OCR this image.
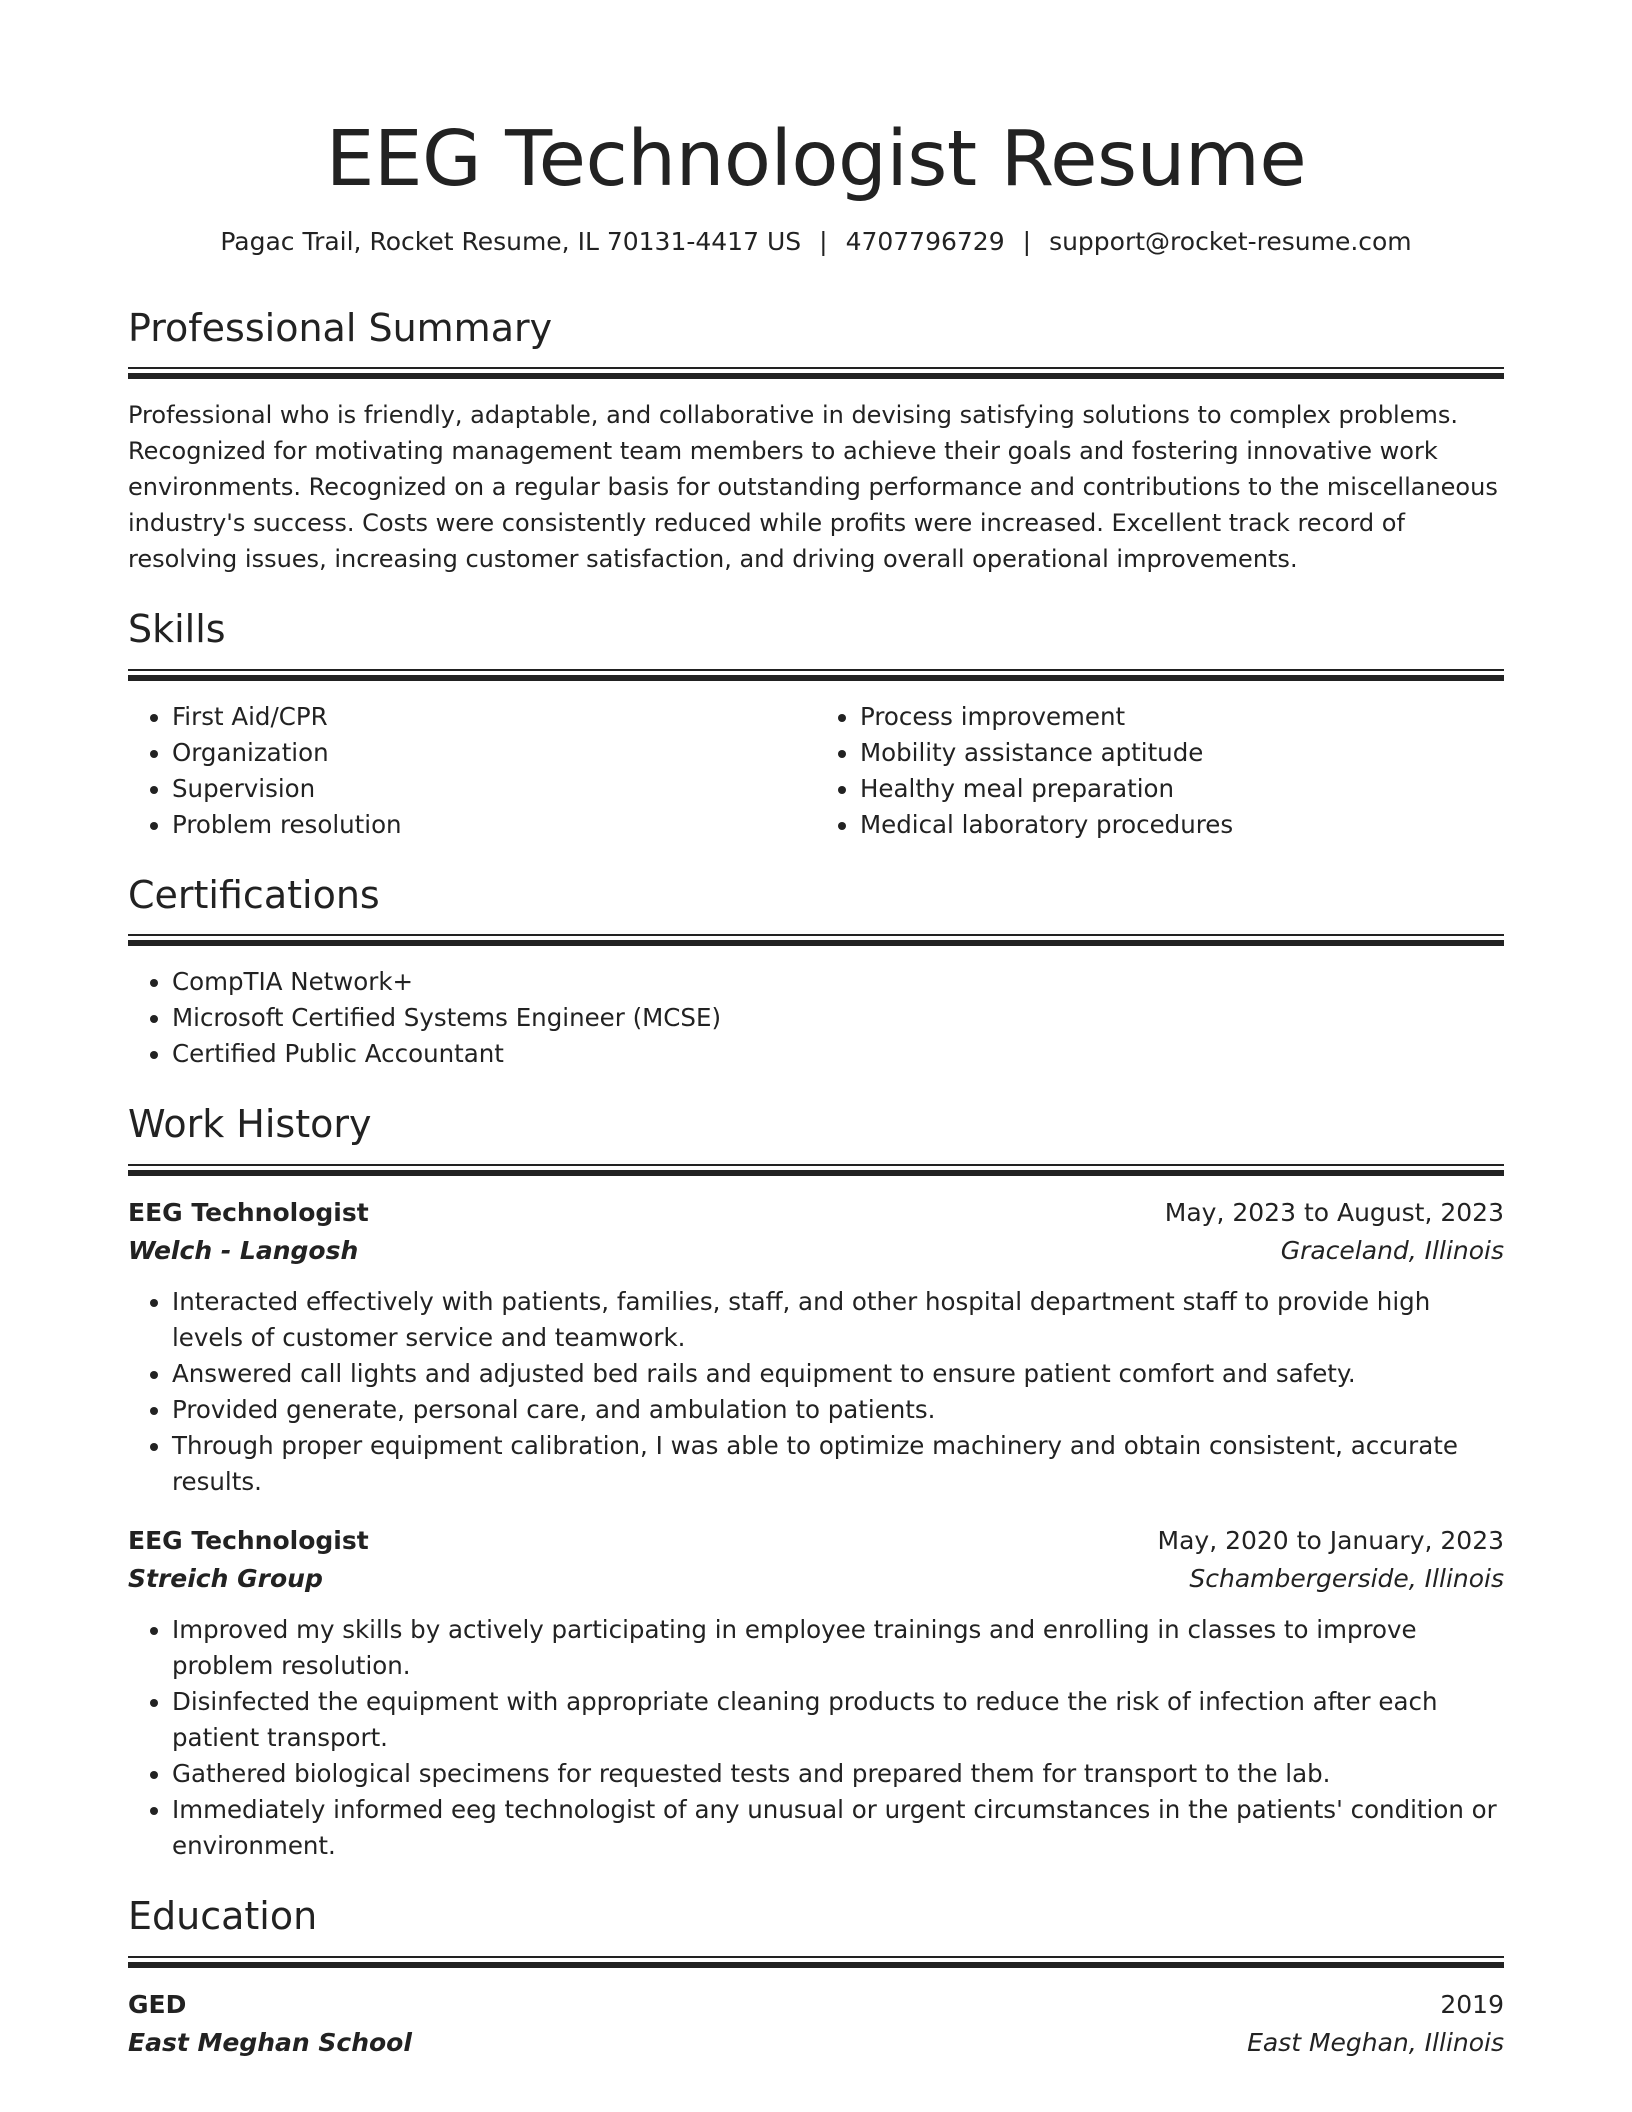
EEG Technologist Resume
Pagac Trail, Rocket Resume, IL 70131-4417 US | 4707796729 | support@rocket-resume.com
Professional Summary

Professional who is friendly, adaptable, and collaborative in devising satisfying solutions to complex problems. Recognized for motivating management team members to achieve their goals and fostering innovative work environments. Recognized on a regular basis for outstanding performance and contributions to the miscellaneous industry's success. Costs were consistently reduced while profits were increased. Excellent track record of resolving issues, increasing customer satisfaction, and driving overall operational improvements.

Skills
• First Aid/CPR
• Organization
• Supervision
• Problem resolution
• Process improvement
• Mobility assistance aptitude
• Healthy meal preparation
• Medical laboratory procedures
Certifications
• CompTIA Network+
• Microsoft Certified Systems Engineer (MCSE)
• Certified Public Accountant
Work History
EEG Technologist	May, 2023 to August, 2023
Welch - Langosh	Graceland, Illinois
• Interacted effectively with patients, families, staff, and other hospital department staff to provide high levels of customer service and teamwork.
• Answered call lights and adjusted bed rails and equipment to ensure patient comfort and safety.
• Provided generate, personal care, and ambulation to patients.
• Through proper equipment calibration, I was able to optimize machinery and obtain consistent, accurate results.
EEG Technologist	May, 2020 to January, 2023
Streich Group	Schambergerside, Illinois
• Improved my skills by actively participating in employee trainings and enrolling in classes to improve problem resolution.
• Disinfected the equipment with appropriate cleaning products to reduce the risk of infection after each patient transport.
• Gathered biological specimens for requested tests and prepared them for transport to the lab.
• Immediately informed eeg technologist of any unusual or urgent circumstances in the patients' condition or environment.
Education
GED	2019
East Meghan School	East Meghan, Illinois
